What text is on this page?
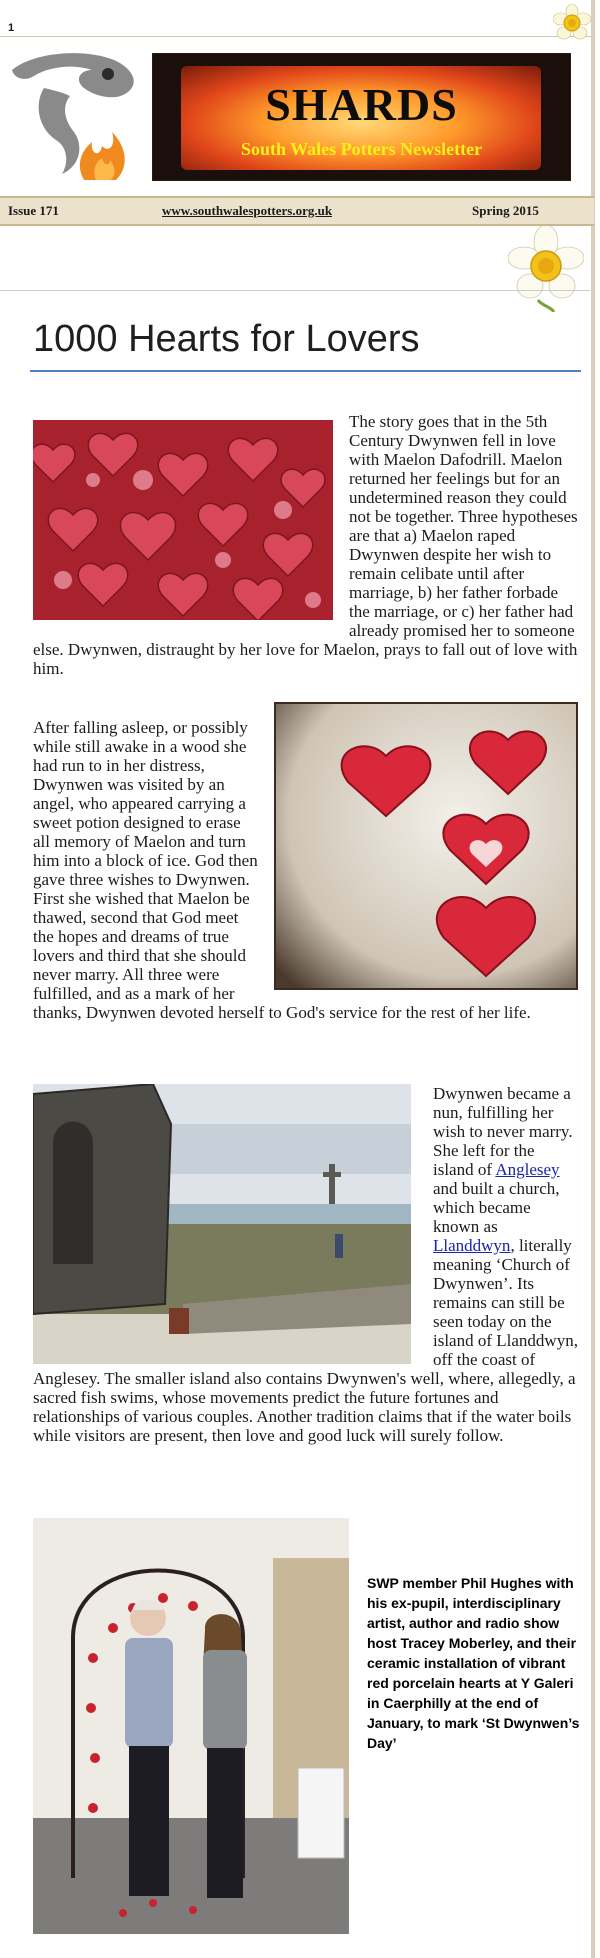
1
SHARDS
South Wales Potters Newsletter
Issue 171	www.southwalespotters.org.uk	Spring 2015
1000 Hearts for Lovers
The story goes that in the 5th Century Dwynwen fell in love with Maelon Dafodrill. Maelon returned her feelings but for an undetermined reason they could not be together. Three hypotheses are that a) Maelon raped Dwynwen despite her wish to remain celibate until after marriage, b) her father forbade the marriage, or c) her father had already promised her to someone else. Dwynwen, distraught by her love for Maelon, prays to fall out of love with him.
After falling asleep, or possibly while still awake in a wood she had run to in her distress, Dwynwen was visited by an angel, who appeared carrying a sweet potion designed to erase all memory of Maelon and turn him into a block of ice. God then gave three wishes to Dwynwen. First she wished that Maelon be thawed, second that God meet the hopes and dreams of true lovers and third that she should never marry. All three were fulfilled, and as a mark of her thanks, Dwynwen devoted herself to God's service for the rest of her life.
Dwynwen became a nun, fulfilling her wish to never marry. She left for the island of Anglesey and built a church, which became known as Llanddwyn, literally meaning ‘Church of Dwynwen’. Its remains can still be seen today on the island of Llanddwyn, off the coast of Anglesey. The smaller island also contains Dwynwen's well, where, allegedly, a sacred fish swims, whose movements predict the future fortunes and relationships of various couples. Another tradition claims that if the water boils while visitors are present, then love and good luck will surely follow.
SWP member Phil Hughes with his ex-pupil, interdisciplinary artist, author and radio show host Tracey Moberley, and their ceramic installation of vibrant red porcelain hearts at Y Galeri in Caerphilly at the end of January, to mark ‘St Dwynwen’s Day’
